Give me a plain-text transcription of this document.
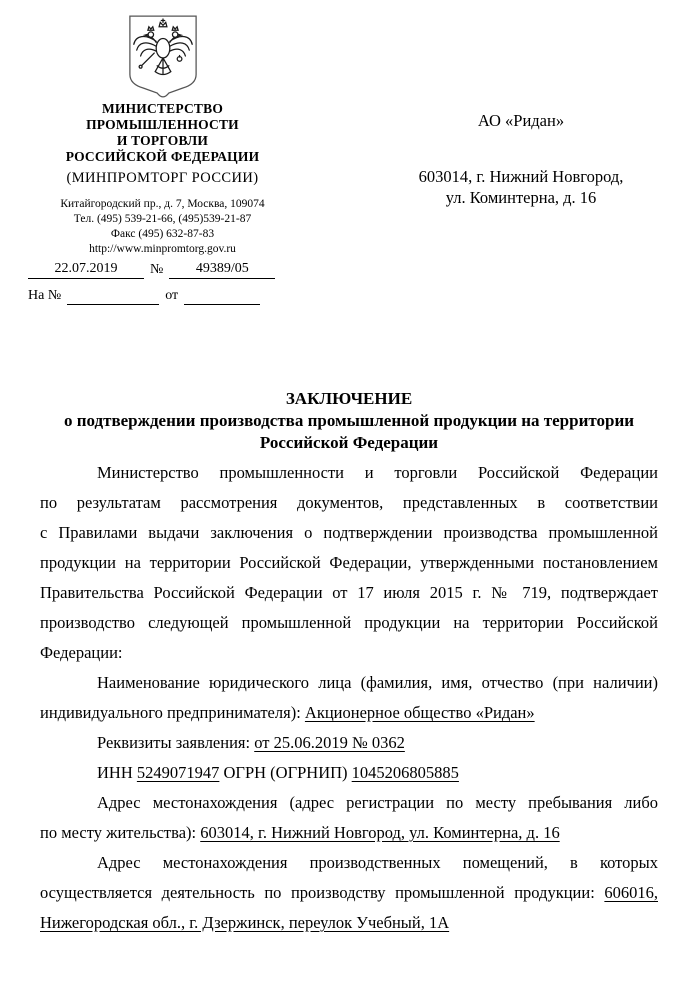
МИНИСТЕРСТВО
ПРОМЫШЛЕННОСТИ
И ТОРГОВЛИ
РОССИЙСКОЙ ФЕДЕРАЦИИ
(МИНПРОМТОРГ РОССИИ)
Китайгородский пр., д. 7, Москва, 109074
Тел. (495) 539-21-66, (495)539-21-87
Факс (495) 632-87-83
http://www.minpromtorg.gov.ru
22.07.2019	№	49389/05
На №	от
АО «Ридан»
603014, г. Нижний Новгород,
ул. Коминтерна, д. 16
ЗАКЛЮЧЕНИЕ
о подтверждении производства промышленной продукции на территории
Российской Федерации
Министерство промышленности и торговли Российской Федерации
по результатам рассмотрения документов, представленных в соответствии
с Правилами выдачи заключения о подтверждении производства промышленной
продукции на территории Российской Федерации, утвержденными постановлением
Правительства Российской Федерации от 17 июля 2015 г. № 719, подтверждает
производство следующей промышленной продукции на территории Российской
Федерации:
Наименование юридического лица (фамилия, имя, отчество (при наличии)
индивидуального предпринимателя): Акционерное общество «Ридан»
Реквизиты заявления: от 25.06.2019 № 0362
ИНН 5249071947 ОГРН (ОГРНИП) 1045206805885
Адрес местонахождения (адрес регистрации по месту пребывания либо
по месту жительства): 603014, г. Нижний Новгород, ул. Коминтерна, д. 16
Адрес местонахождения производственных помещений, в которых
осуществляется деятельность по производству промышленной продукции: 606016,
Нижегородская обл., г. Дзержинск, переулок Учебный, 1А
